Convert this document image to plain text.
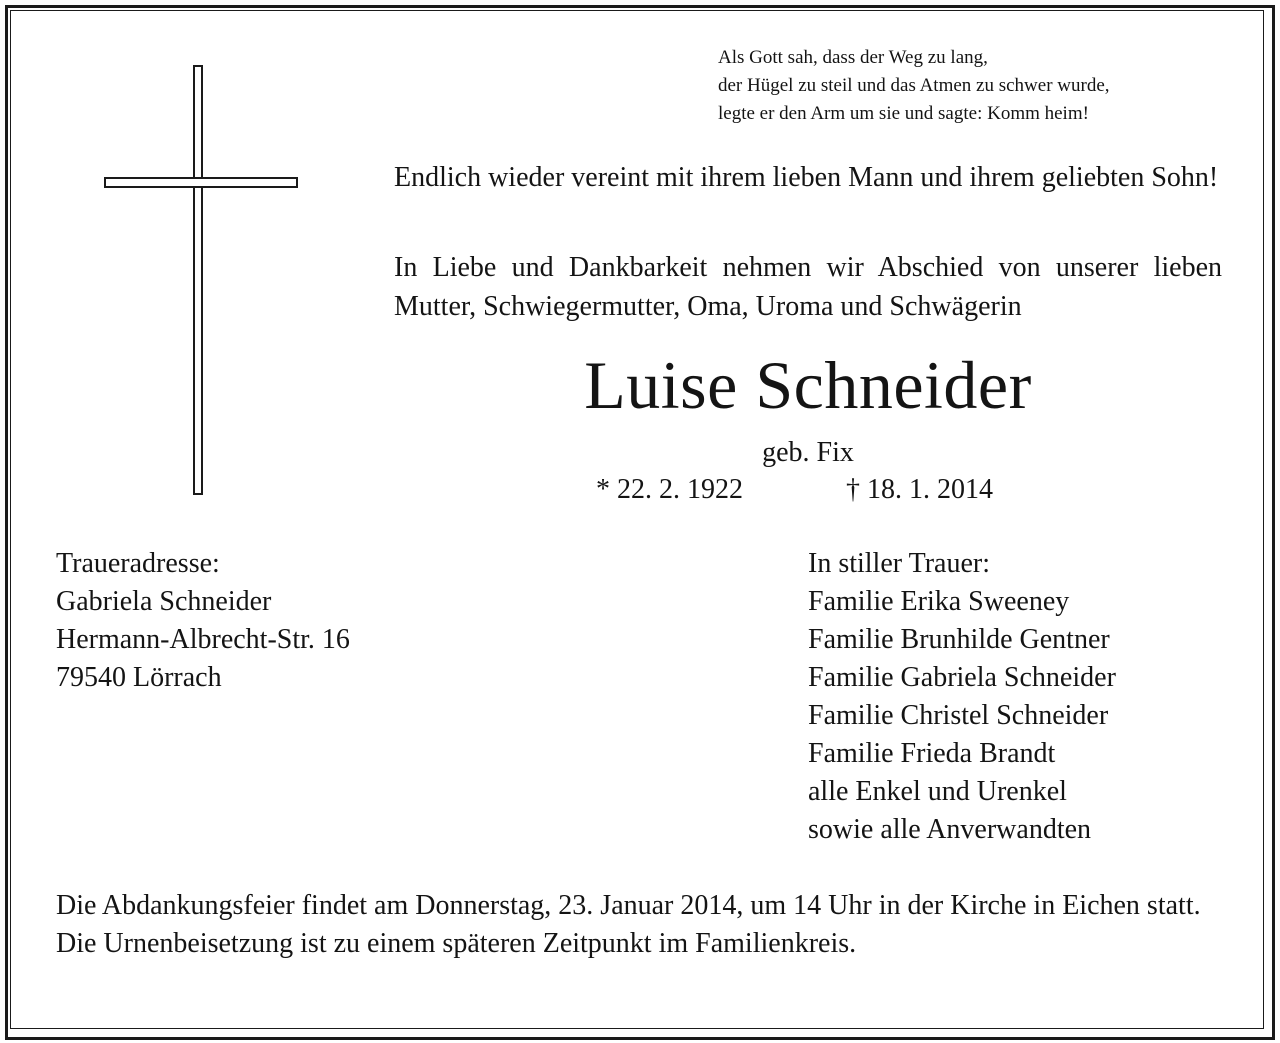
Als Gott sah, dass der Weg zu lang,
der Hügel zu steil und das Atmen zu schwer wurde,
legte er den Arm um sie und sagte: Komm heim!
Endlich wieder vereint mit ihrem lieben Mann und ihrem geliebten Sohn!
In Liebe und Dankbarkeit nehmen wir Abschied von unserer lieben Mutter, Schwiegermutter, Oma, Uroma und Schwägerin
Luise Schneider
geb. Fix
* 22. 2. 1922	† 18. 1. 2014
Traueradresse:
Gabriela Schneider
Hermann-Albrecht-Str. 16
79540 Lörrach
In stiller Trauer:
Familie Erika Sweeney
Familie Brunhilde Gentner
Familie Gabriela Schneider
Familie Christel Schneider
Familie Frieda Brandt
alle Enkel und Urenkel
sowie alle Anverwandten
Die Abdankungsfeier findet am Donnerstag, 23. Januar 2014, um 14 Uhr in der Kirche in Eichen statt.
Die Urnenbeisetzung ist zu einem späteren Zeitpunkt im Familienkreis.
